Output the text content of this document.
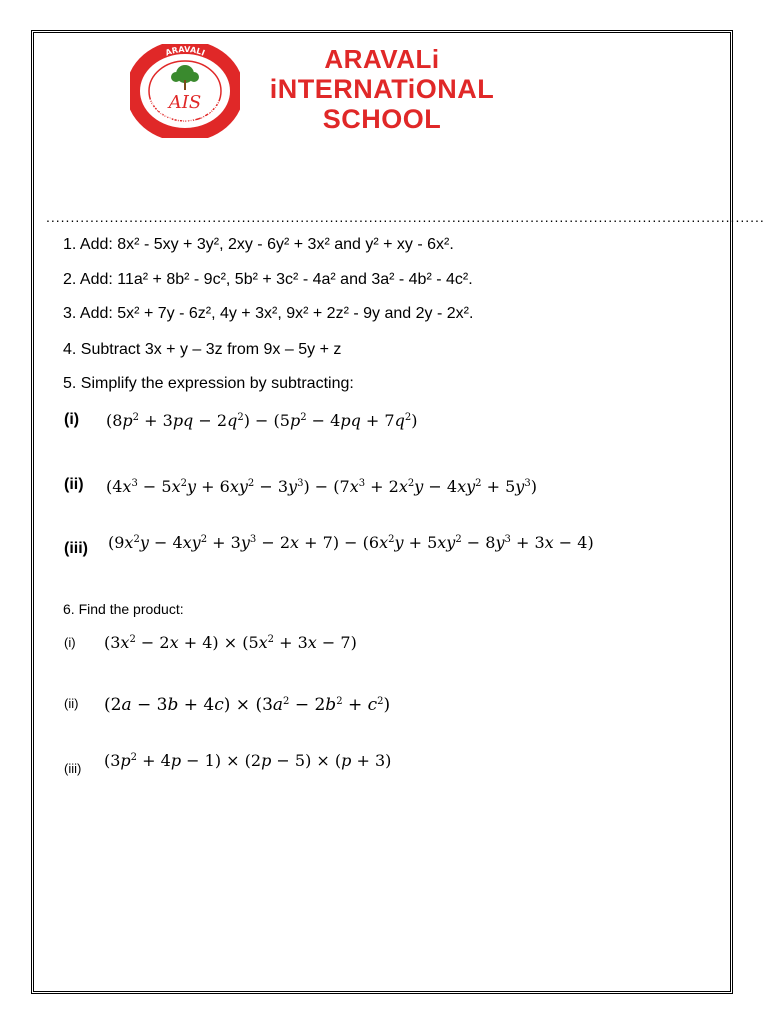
ARAVALI
INTERNATIONAL SCHOOL
AIS
ARAVALi
iNTERNATiONAL
SCHOOL
...................................................................................................................................................
1. Add: 8x² - 5xy + 3y², 2xy - 6y² + 3x² and y² + xy - 6x².
2. Add: 11a² + 8b² - 9c², 5b² + 3c² - 4a² and 3a² - 4b² - 4c².
3. Add: 5x² + 7y - 6z², 4y + 3x², 9x² + 2z² - 9y and 2y - 2x².
4. Subtract 3x + y – 3z from 9x – 5y + z
5. Simplify the expression by subtracting:
(i) $(8p^2 + 3pq - 2q^2) - (5p^2 - 4pq + 7q^2)$
(ii) $(4x^3 - 5x^2y + 6xy^2 - 3y^3) - (7x^3 + 2x^2y - 4xy^2 + 5y^3)$
(iii) $(9x^2y - 4xy^2 + 3y^3 - 2x + 7) - (6x^2y + 5xy^2 - 8y^3 + 3x - 4)$
6. Find the product:
(i) $(3x^2 - 2x + 4) \times (5x^2 + 3x - 7)$
(ii) $(2a - 3b + 4c) \times (3a^2 - 2b^2 + c^2)$
(iii) $(3p^2 + 4p - 1) \times (2p - 5) \times (p + 3)$
